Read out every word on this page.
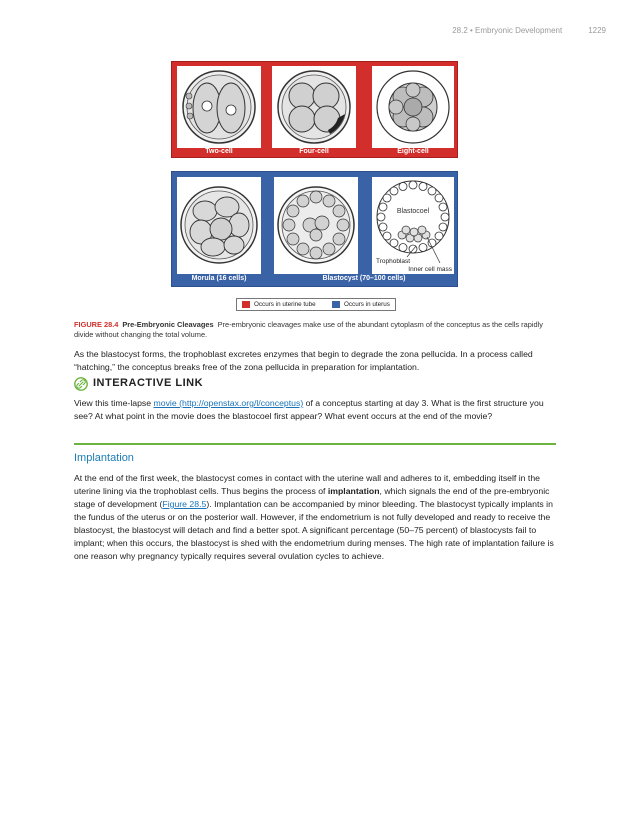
28.2 • Embryonic Development	1229
Two-cell	Four-cell	Eight-cell
Blastocoel
Trophoblast
Inner cell mass
Morula (16 cells)	Blastocyst (70–100 cells)
Occurs in uterine tube	Occurs in uterus
FIGURE 28.4 Pre-Embryonic Cleavages Pre-embryonic cleavages make use of the abundant cytoplasm of the conceptus as the cells rapidly divide without changing the total volume.
As the blastocyst forms, the trophoblast excretes enzymes that begin to degrade the zona pellucida. In a process called “hatching,” the conceptus breaks free of the zona pellucida in preparation for implantation.
INTERACTIVE LINK
View this time-lapse movie (http://openstax.org/l/conceptus) of a conceptus starting at day 3. What is the first structure you see? At what point in the movie does the blastocoel first appear? What event occurs at the end of the movie?
Implantation
At the end of the first week, the blastocyst comes in contact with the uterine wall and adheres to it, embedding itself in the uterine lining via the trophoblast cells. Thus begins the process of implantation, which signals the end of the pre-embryonic stage of development (Figure 28.5). Implantation can be accompanied by minor bleeding. The blastocyst typically implants in the fundus of the uterus or on the posterior wall. However, if the endometrium is not fully developed and ready to receive the blastocyst, the blastocyst will detach and find a better spot. A significant percentage (50–75 percent) of blastocysts fail to implant; when this occurs, the blastocyst is shed with the endometrium during menses. The high rate of implantation failure is one reason why pregnancy typically requires several ovulation cycles to achieve.
